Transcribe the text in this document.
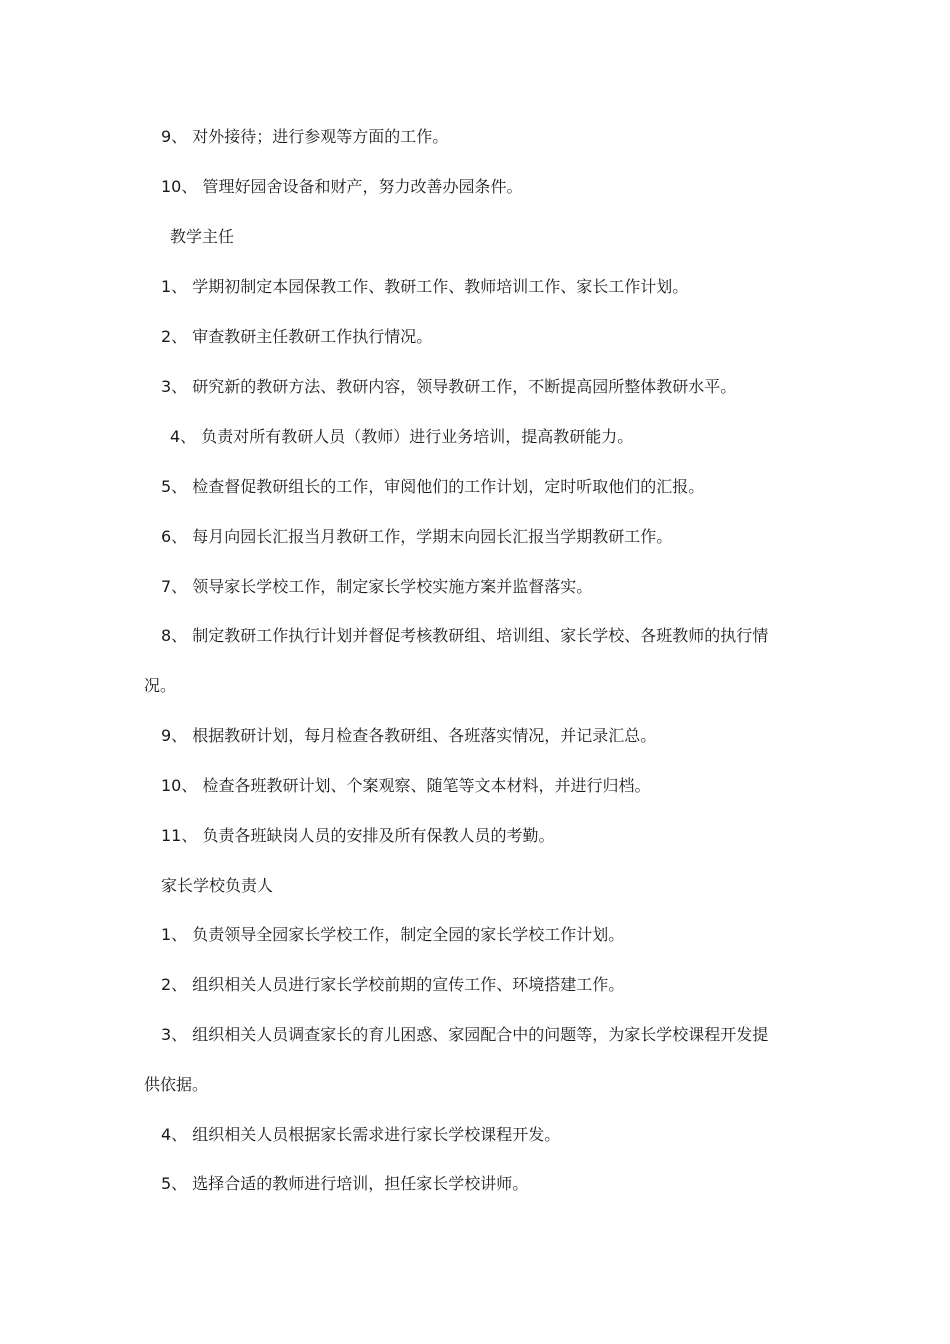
9、 对外接待；进行参观等方面的工作。
10、 管理好园舍设备和财产，努力改善办园条件。
教学主任
1、 学期初制定本园保教工作、教研工作、教师培训工作、家长工作计划。
2、 审查教研主任教研工作执行情况。
3、 研究新的教研方法、教研内容，领导教研工作，不断提高园所整体教研水平。
4、 负责对所有教研人员（教师）进行业务培训，提高教研能力。
5、 检查督促教研组长的工作，审阅他们的工作计划，定时听取他们的汇报。
6、 每月向园长汇报当月教研工作，学期末向园长汇报当学期教研工作。
7、 领导家长学校工作，制定家长学校实施方案并监督落实。
8、 制定教研工作执行计划并督促考核教研组、培训组、家长学校、各班教师的执行情
况。
9、 根据教研计划，每月检查各教研组、各班落实情况，并记录汇总。
10、 检查各班教研计划、个案观察、随笔等文本材料，并进行归档。
11、 负责各班缺岗人员的安排及所有保教人员的考勤。
家长学校负责人
1、 负责领导全园家长学校工作，制定全园的家长学校工作计划。
2、 组织相关人员进行家长学校前期的宣传工作、环境搭建工作。
3、 组织相关人员调查家长的育儿困惑、家园配合中的问题等，为家长学校课程开发提
供依据。
4、 组织相关人员根据家长需求进行家长学校课程开发。
5、 选择合适的教师进行培训，担任家长学校讲师。
